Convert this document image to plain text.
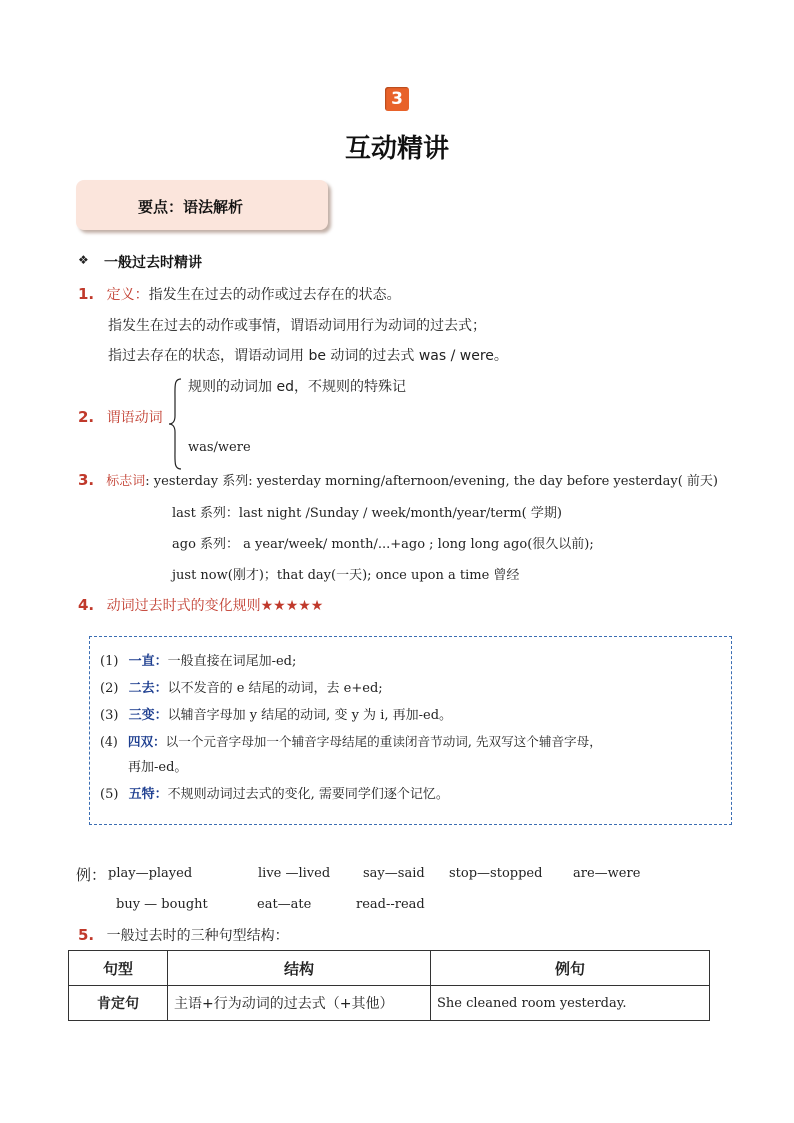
3
互动精讲
要点：语法解析
❖ 一般过去时精讲
1. 定义：指发生在过去的动作或过去存在的状态。
指发生在过去的动作或事情，谓语动词用行为动词的过去式；
指过去存在的状态，谓语动词用 be 动词的过去式 was / were。
规则的动词加 ed，不规则的特殊记
2. 谓语动词
was/were
3. 标志词: yesterday 系列: yesterday morning/afternoon/evening, the day before yesterday( 前天)
last 系列：last night /Sunday / week/month/year/term( 学期)
ago 系列： a year/week/ month/...+ago ; long long ago(很久以前);
just now(刚才)；that day(一天); once upon a time 曾经
4. 动词过去时式的变化规则★★★★★
(1) 一直：一般直接在词尾加-ed;
(2) 二去：以不发音的 e 结尾的动词，去 e+ed;
(3) 三变：以辅音字母加 y 结尾的动词, 变 y 为 i, 再加-ed。
(4) 四双：以一个元音字母加一个辅音字母结尾的重读闭音节动词, 先双写这个辅音字母，
再加-ed。
(5) 五特：不规则动词过去式的变化, 需要同学们逐个记忆。
例： play—played	live —lived	say—said stop—stopped are—were
buy — bought	eat—ate	read--read
5. 一般过去时的三种句型结构：
句型	结构	例句
肯定句	主语+行为动词的过去式（+其他）	She cleaned room yesterday.
